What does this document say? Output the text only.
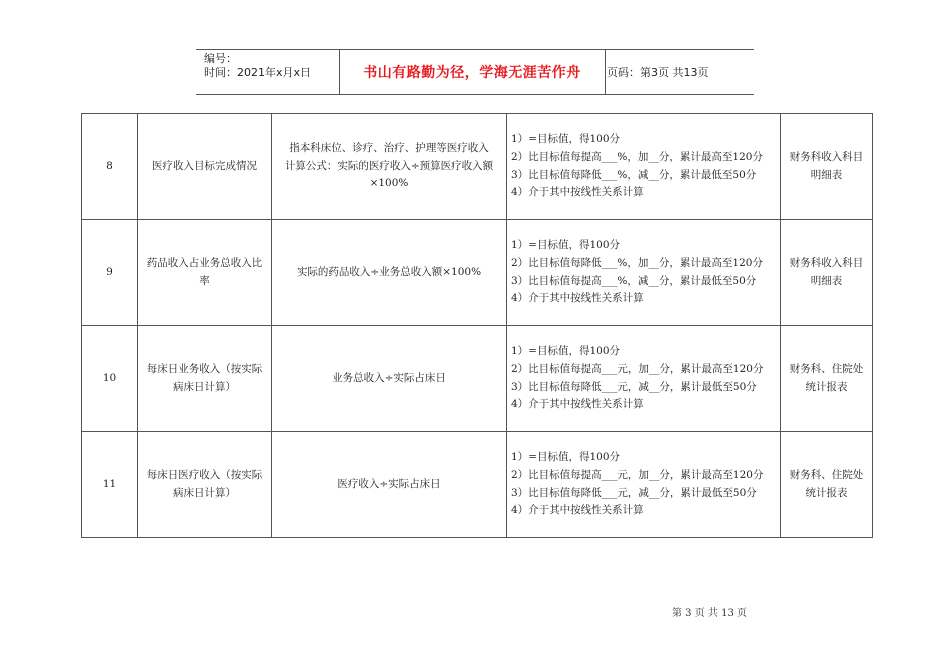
编号：
时间：2021年x月x日	书山有路勤为径，学海无涯苦作舟	页码：第3页 共13页
8	医疗收入目标完成情况	指本科床位、诊疗、治疗、护理等医疗收入
计算公式：实际的医疗收入÷预算医疗收入额×100%	1）=目标值，得100分
2）比目标值每提高___%，加__分，累计最高至120分
3）比目标值每降低___%，减__分，累计最低至50分
4）介于其中按线性关系计算	财务科收入科目明细表
9	药品收入占业务总收入比率	实际的药品收入÷业务总收入额×100%	1）=目标值，得100分
2）比目标值每降低___%，加__分，累计最高至120分
3）比目标值每提高___%，减__分，累计最低至50分
4）介于其中按线性关系计算	财务科收入科目明细表
10	每床日业务收入（按实际病床日计算）	业务总收入÷实际占床日	1）=目标值，得100分
2）比目标值每提高___元，加__分，累计最高至120分
3）比目标值每降低___元，减__分，累计最低至50分
4）介于其中按线性关系计算	财务科、住院处统计报表
11	每床日医疗收入（按实际病床日计算）	医疗收入÷实际占床日	1）=目标值，得100分
2）比目标值每提高___元，加__分，累计最高至120分
3）比目标值每降低___元，减__分，累计最低至50分
4）介于其中按线性关系计算	财务科、住院处统计报表
第 3 页 共 13 页
